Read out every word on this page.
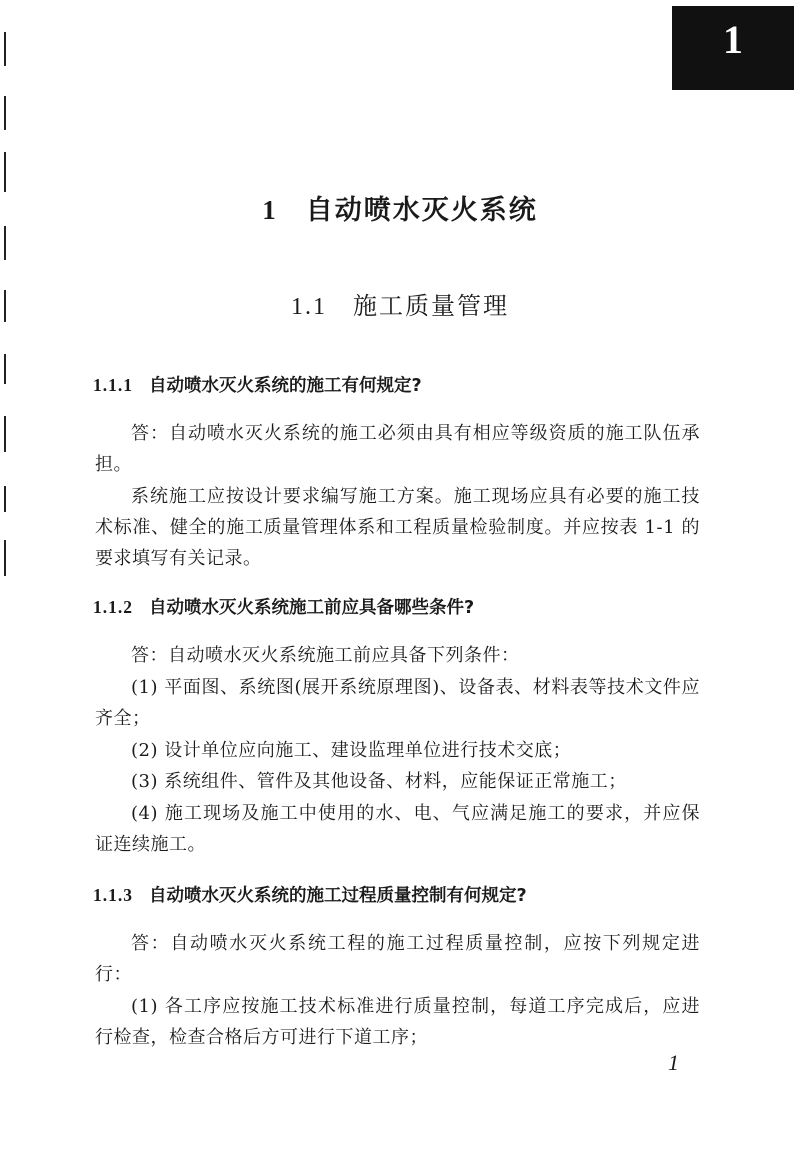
1
1 自动喷水灭火系统
1.1 施工质量管理
1.1.1 自动喷水灭火系统的施工有何规定?

答：自动喷水灭火系统的施工必须由具有相应等级资质的施工队伍承担。

系统施工应按设计要求编写施工方案。施工现场应具有必要的施工技术标准、健全的施工质量管理体系和工程质量检验制度。并应按表 1-1 的要求填写有关记录。

1.1.2 自动喷水灭火系统施工前应具备哪些条件?

答：自动喷水灭火系统施工前应具备下列条件：

(1) 平面图、系统图(展开系统原理图)、设备表、材料表等技术文件应齐全；

(2) 设计单位应向施工、建设监理单位进行技术交底；

(3) 系统组件、管件及其他设备、材料，应能保证正常施工；

(4) 施工现场及施工中使用的水、电、气应满足施工的要求，并应保证连续施工。

1.1.3 自动喷水灭火系统的施工过程质量控制有何规定?

答：自动喷水灭火系统工程的施工过程质量控制，应按下列规定进行：

(1) 各工序应按施工技术标准进行质量控制，每道工序完成后，应进行检查，检查合格后方可进行下道工序；

1
